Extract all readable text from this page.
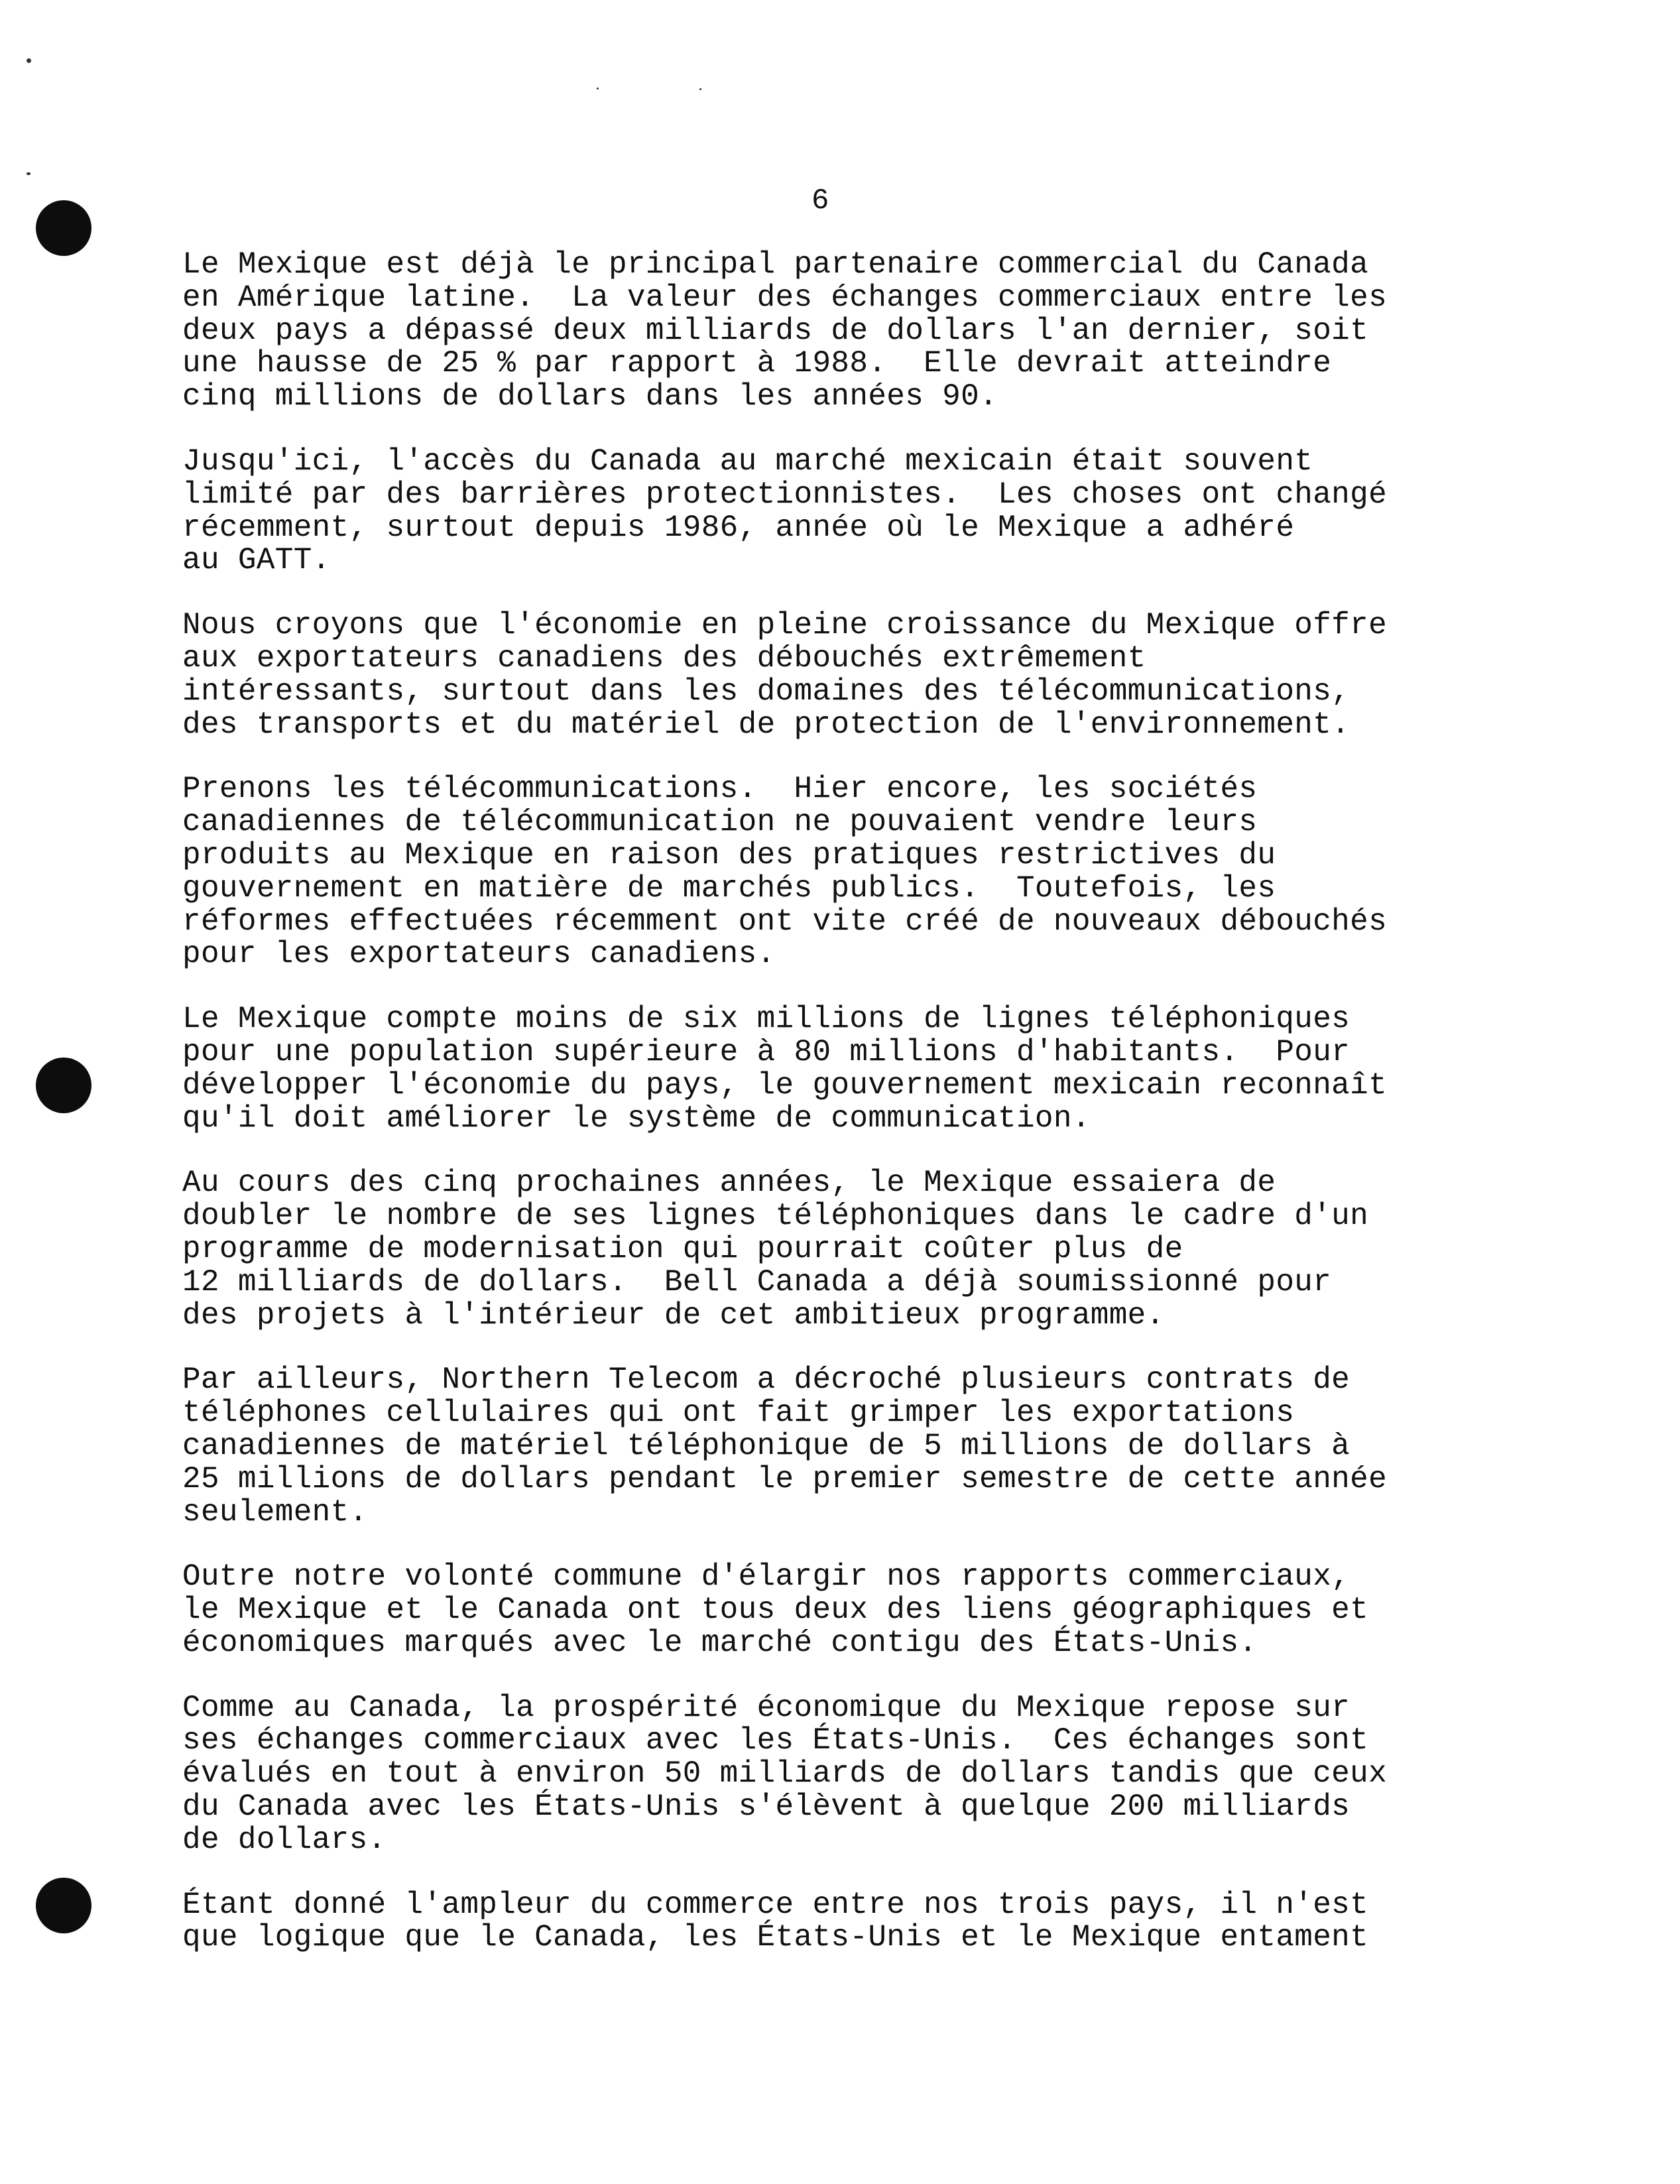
6

Le Mexique est déjà le principal partenaire commercial du Canada
en Amérique latine.  La valeur des échanges commerciaux entre les
deux pays a dépassé deux milliards de dollars l'an dernier, soit
une hausse de 25 % par rapport à 1988.  Elle devrait atteindre
cinq millions de dollars dans les années 90.

Jusqu'ici, l'accès du Canada au marché mexicain était souvent
limité par des barrières protectionnistes.  Les choses ont changé
récemment, surtout depuis 1986, année où le Mexique a adhéré
au GATT.

Nous croyons que l'économie en pleine croissance du Mexique offre
aux exportateurs canadiens des débouchés extrêmement
intéressants, surtout dans les domaines des télécommunications,
des transports et du matériel de protection de l'environnement.

Prenons les télécommunications.  Hier encore, les sociétés
canadiennes de télécommunication ne pouvaient vendre leurs
produits au Mexique en raison des pratiques restrictives du
gouvernement en matière de marchés publics.  Toutefois, les
réformes effectuées récemment ont vite créé de nouveaux débouchés
pour les exportateurs canadiens.

Le Mexique compte moins de six millions de lignes téléphoniques
pour une population supérieure à 80 millions d'habitants.  Pour
développer l'économie du pays, le gouvernement mexicain reconnaît
qu'il doit améliorer le système de communication.

Au cours des cinq prochaines années, le Mexique essaiera de
doubler le nombre de ses lignes téléphoniques dans le cadre d'un
programme de modernisation qui pourrait coûter plus de
12 milliards de dollars.  Bell Canada a déjà soumissionné pour
des projets à l'intérieur de cet ambitieux programme.

Par ailleurs, Northern Telecom a décroché plusieurs contrats de
téléphones cellulaires qui ont fait grimper les exportations
canadiennes de matériel téléphonique de 5 millions de dollars à
25 millions de dollars pendant le premier semestre de cette année
seulement.

Outre notre volonté commune d'élargir nos rapports commerciaux,
le Mexique et le Canada ont tous deux des liens géographiques et
économiques marqués avec le marché contigu des États-Unis.

Comme au Canada, la prospérité économique du Mexique repose sur
ses échanges commerciaux avec les États-Unis.  Ces échanges sont
évalués en tout à environ 50 milliards de dollars tandis que ceux
du Canada avec les États-Unis s'élèvent à quelque 200 milliards
de dollars.

Étant donné l'ampleur du commerce entre nos trois pays, il n'est
que logique que le Canada, les États-Unis et le Mexique entament
